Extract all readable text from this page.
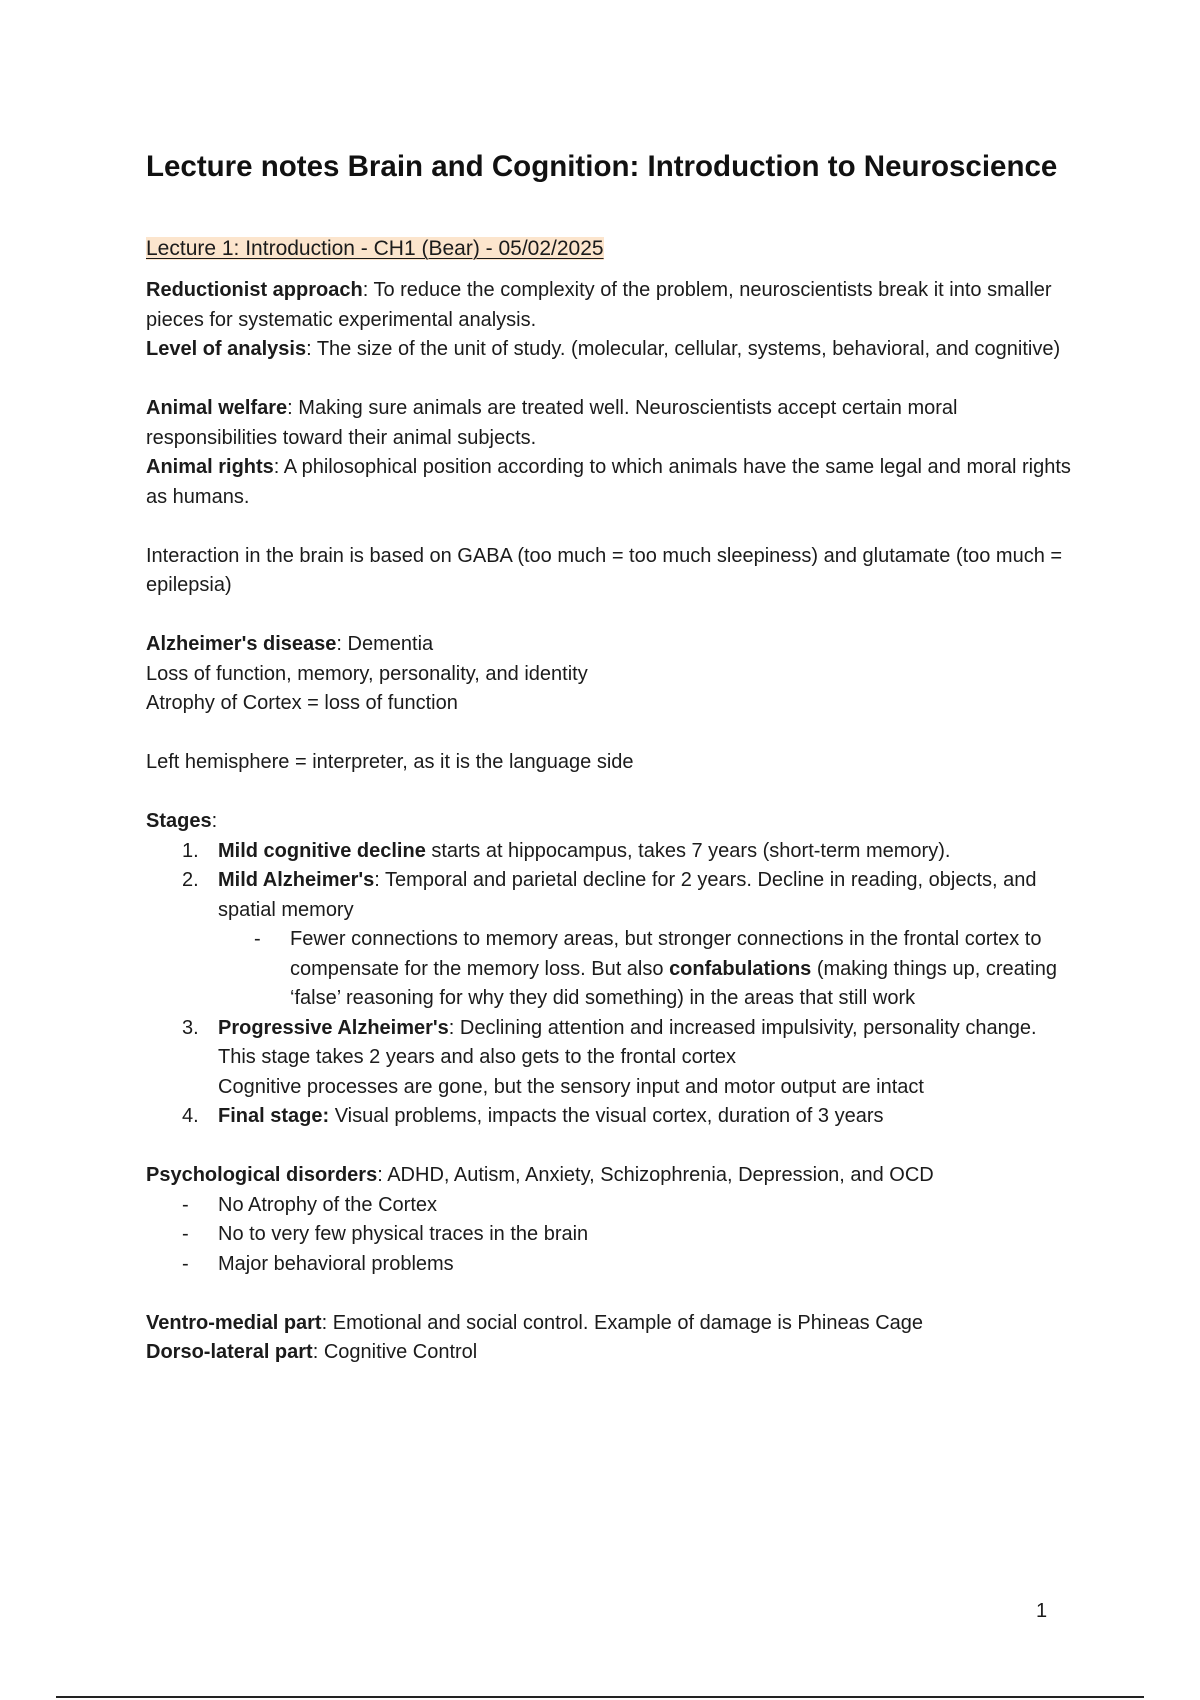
Lecture notes Brain and Cognition: Introduction to Neuroscience
Lecture 1: Introduction - CH1 (Bear) - 05/02/2025

Reductionist approach: To reduce the complexity of the problem, neuroscientists break it into smaller pieces for systematic experimental analysis.

Level of analysis: The size of the unit of study. (molecular, cellular, systems, behavioral, and cognitive)

Animal welfare: Making sure animals are treated well. Neuroscientists accept certain moral responsibilities toward their animal subjects.

Animal rights: A philosophical position according to which animals have the same legal and moral rights as humans.

Interaction in the brain is based on GABA (too much = too much sleepiness) and glutamate (too much = epilepsia)

Alzheimer's disease: Dementia

Loss of function, memory, personality, and identity

Atrophy of Cortex = loss of function

Left hemisphere = interpreter, as it is the language side

Stages:

1. Mild cognitive decline starts at hippocampus, takes 7 years (short-term memory).
2. Mild Alzheimer's: Temporal and parietal decline for 2 years. Decline in reading, objects, and spatial memory
- Fewer connections to memory areas, but stronger connections in the frontal cortex to compensate for the memory loss. But also confabulations (making things up, creating ‘false’ reasoning for why they did something) in the areas that still work
3. Progressive Alzheimer's: Declining attention and increased impulsivity, personality change. This stage takes 2 years and also gets to the frontal cortex
Cognitive processes are gone, but the sensory input and motor output are intact
4. Final stage: Visual problems, impacts the visual cortex, duration of 3 years

Psychological disorders: ADHD, Autism, Anxiety, Schizophrenia, Depression, and OCD

- No Atrophy of the Cortex
- No to very few physical traces in the brain
- Major behavioral problems

Ventro-medial part: Emotional and social control. Example of damage is Phineas Cage

Dorso-lateral part: Cognitive Control

1
